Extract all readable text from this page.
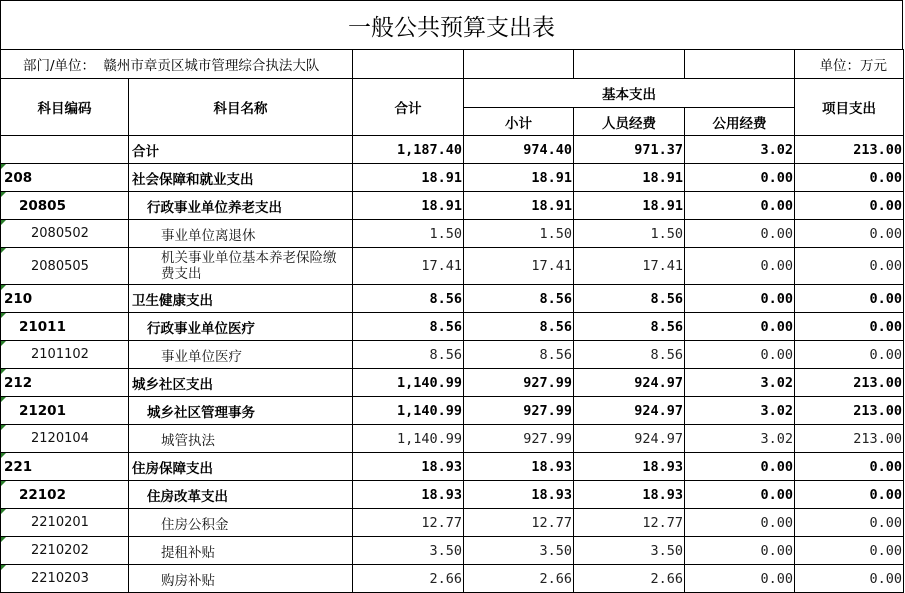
一般公共预算支出表
部门/单位： 赣州市章贡区城市管理综合执法大队						单位：万元
科目编码	科目名称	合计	基本支出			项目支出
			小计	人员经费	公用经费	
	合计	1,187.40	974.40	971.37	3.02	213.00
208	社会保障和就业支出	18.91	18.91	18.91	0.00	0.00
20805	行政事业单位养老支出	18.91	18.91	18.91	0.00	0.00
2080502	事业单位离退休	1.50	1.50	1.50	0.00	0.00
2080505	机关事业单位基本养老保险缴费支出	17.41	17.41	17.41	0.00	0.00
210	卫生健康支出	8.56	8.56	8.56	0.00	0.00
21011	行政事业单位医疗	8.56	8.56	8.56	0.00	0.00
2101102	事业单位医疗	8.56	8.56	8.56	0.00	0.00
212	城乡社区支出	1,140.99	927.99	924.97	3.02	213.00
21201	城乡社区管理事务	1,140.99	927.99	924.97	3.02	213.00
2120104	城管执法	1,140.99	927.99	924.97	3.02	213.00
221	住房保障支出	18.93	18.93	18.93	0.00	0.00
22102	住房改革支出	18.93	18.93	18.93	0.00	0.00
2210201	住房公积金	12.77	12.77	12.77	0.00	0.00
2210202	提租补贴	3.50	3.50	3.50	0.00	0.00
2210203	购房补贴	2.66	2.66	2.66	0.00	0.00
